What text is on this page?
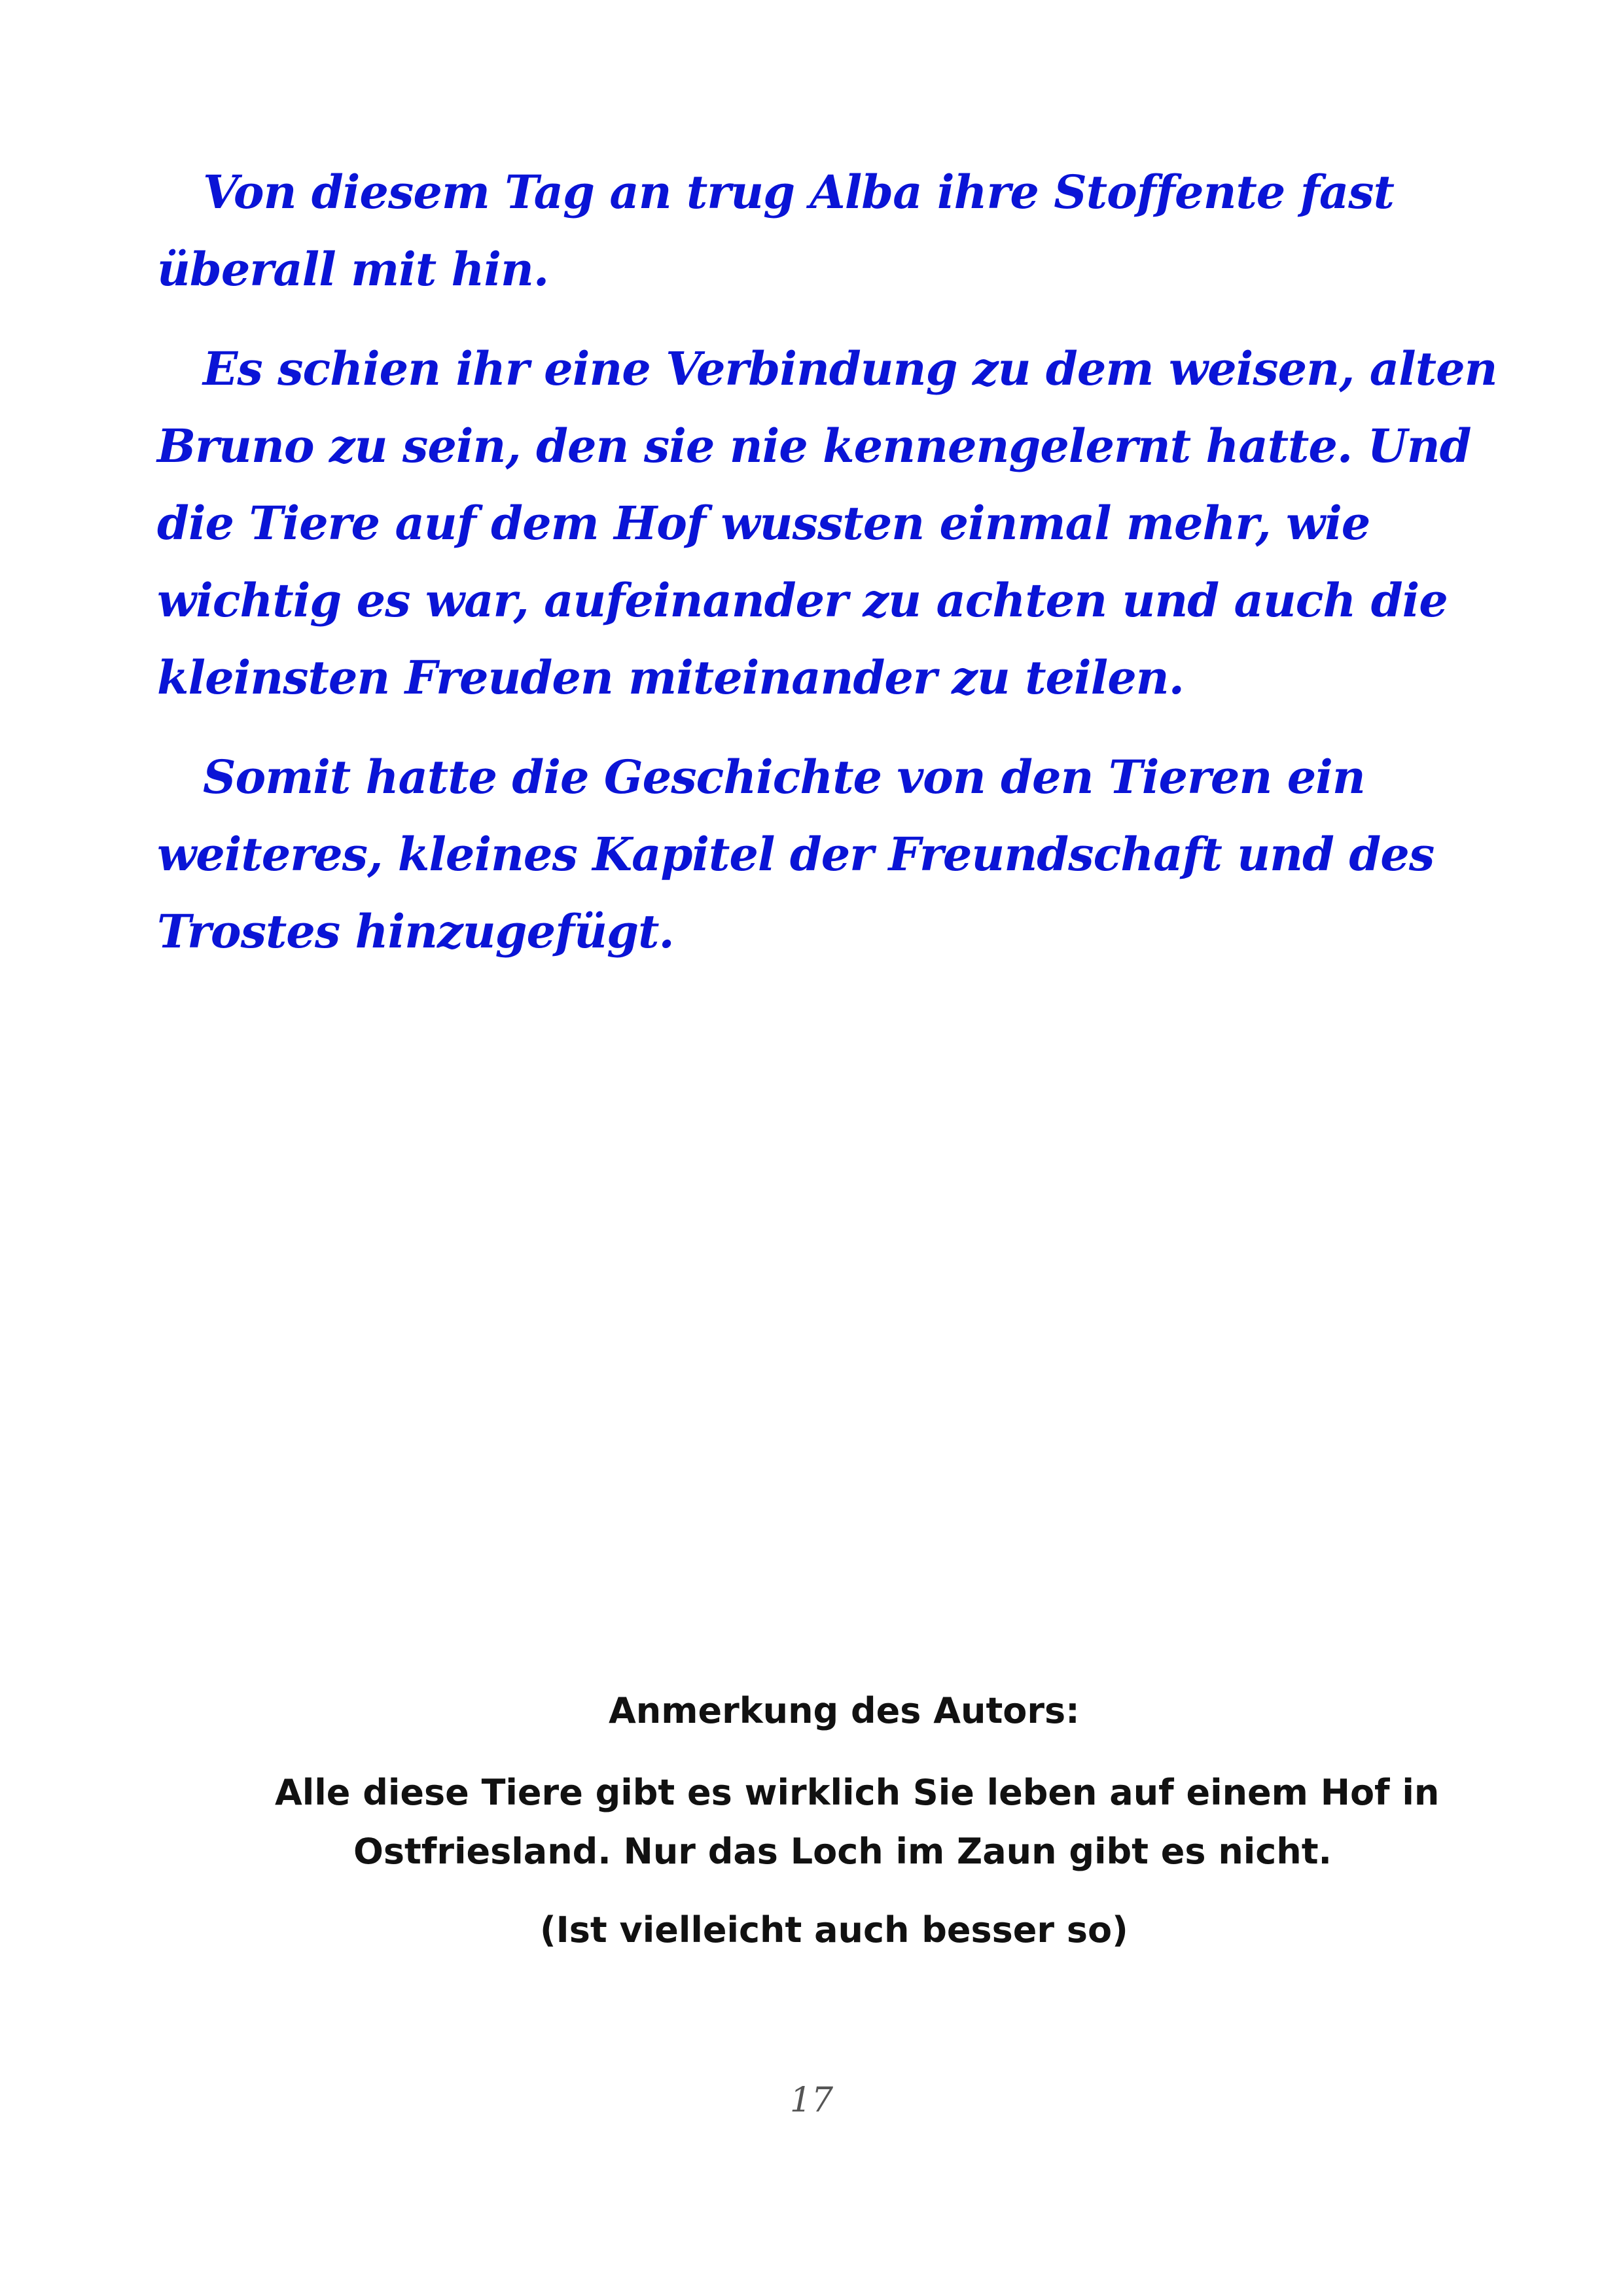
Von diesem Tag an trug Alba ihre Stoffente fast
überall mit hin.
Es schien ihr eine Verbindung zu dem weisen, alten
Bruno zu sein, den sie nie kennengelernt hatte. Und
die Tiere auf dem Hof wussten einmal mehr, wie
wichtig es war, aufeinander zu achten und auch die
kleinsten Freuden miteinander zu teilen.
Somit hatte die Geschichte von den Tieren ein
weiteres, kleines Kapitel der Freundschaft und des
Trostes hinzugefügt.
Anmerkung des Autors:
Alle diese Tiere gibt es wirklich Sie leben auf einem Hof in
Ostfriesland. Nur das Loch im Zaun gibt es nicht.
(Ist vielleicht auch besser so)
17
